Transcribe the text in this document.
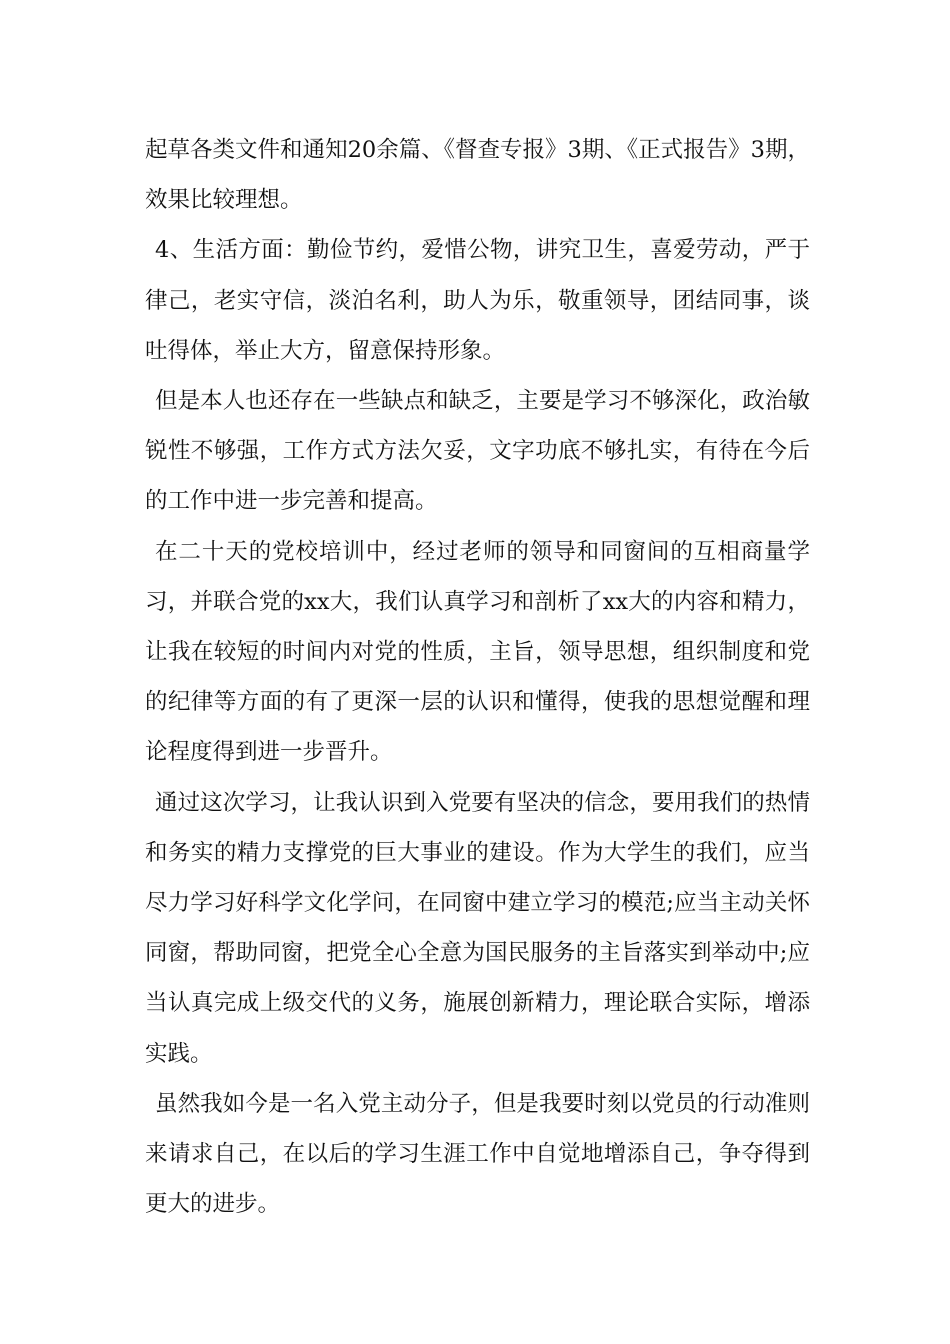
起草各类文件和通知20余篇、《督查专报》3期、《正式报告》3期，效果比较理想。

4、生活方面：勤俭节约，爱惜公物，讲究卫生，喜爱劳动，严于律己，老实守信，淡泊名利，助人为乐，敬重领导，团结同事，谈吐得体，举止大方，留意保持形象。

但是本人也还存在一些缺点和缺乏，主要是学习不够深化，政治敏锐性不够强，工作方式方法欠妥，文字功底不够扎实，有待在今后的工作中进一步完善和提高。

在二十天的党校培训中，经过老师的领导和同窗间的互相商量学习，并联合党的xx大，我们认真学习和剖析了xx大的内容和精力，让我在较短的时间内对党的性质，主旨，领导思想，组织制度和党的纪律等方面的有了更深一层的认识和懂得，使我的思想觉醒和理论程度得到进一步晋升。

通过这次学习，让我认识到入党要有坚决的信念，要用我们的热情和务实的精力支撑党的巨大事业的建设。作为大学生的我们，应当尽力学习好科学文化学问，在同窗中建立学习的模范;应当主动关怀同窗，帮助同窗，把党全心全意为国民服务的主旨落实到举动中;应当认真完成上级交代的义务，施展创新精力，理论联合实际，增添实践。

虽然我如今是一名入党主动分子，但是我要时刻以党员的行动准则来请求自己，在以后的学习生涯工作中自觉地增添自己，争夺得到更大的进步。
